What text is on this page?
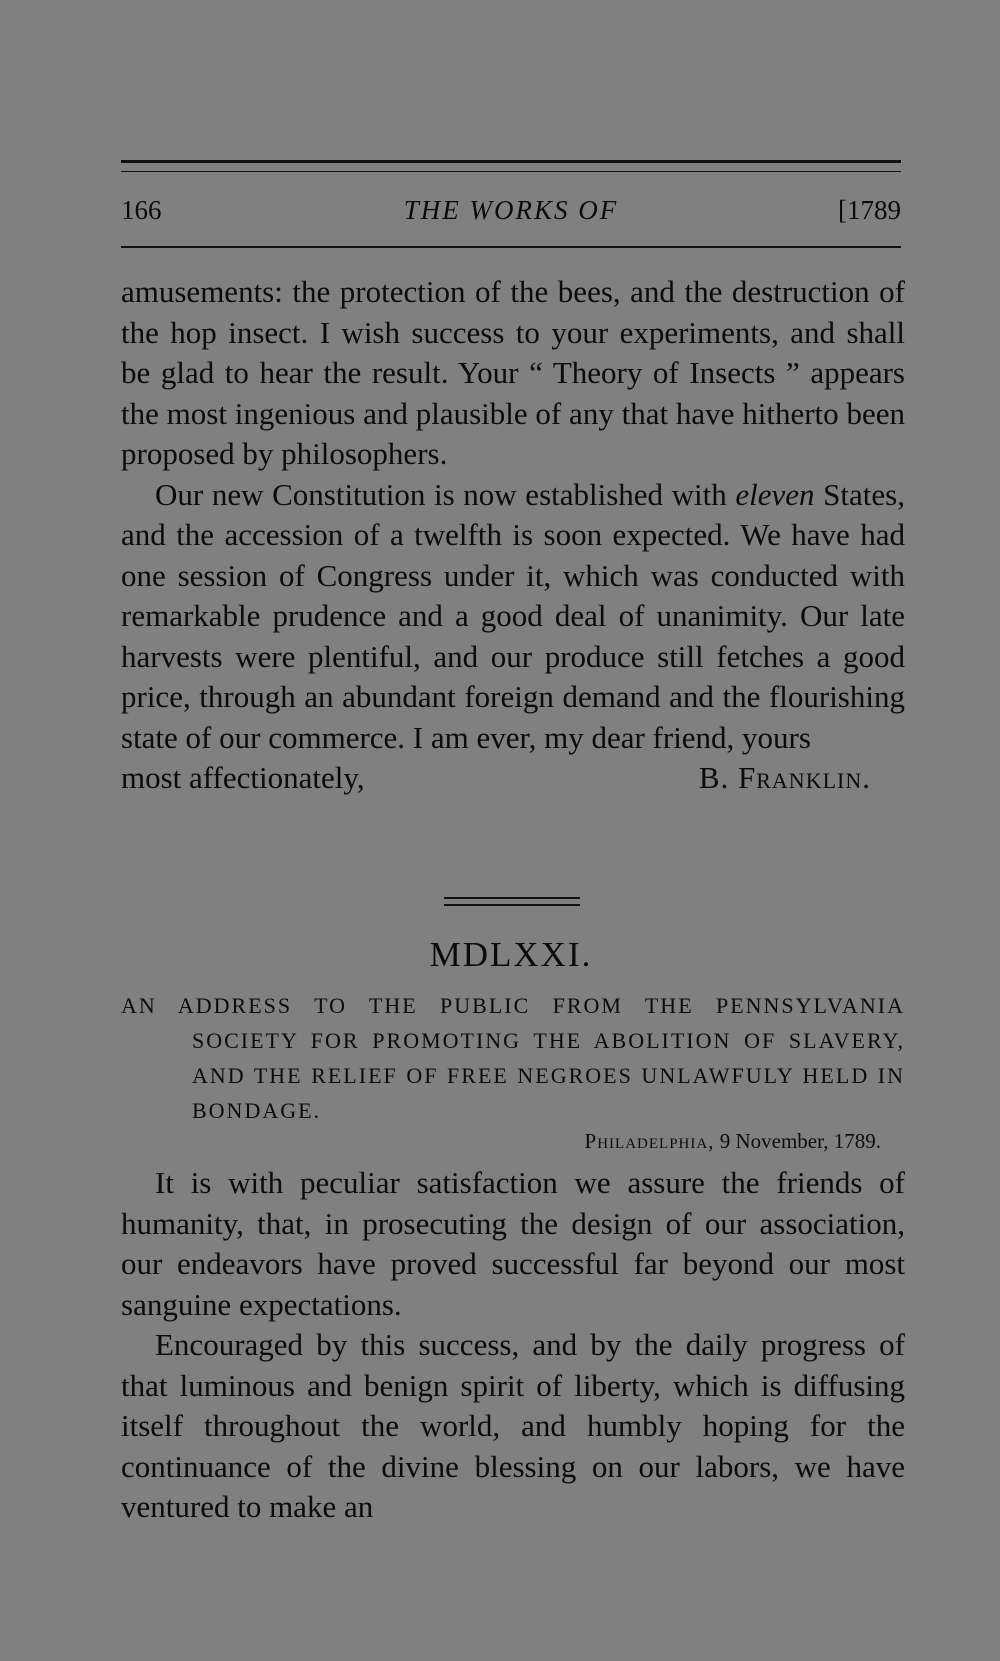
166	THE WORKS OF	[1789

amusements: the protection of the bees, and the destruction of the hop insect. I wish success to your experiments, and shall be glad to hear the result. Your “ Theory of Insects ” appears the most ingenious and plausible of any that have hitherto been proposed by philosophers.

Our new Constitution is now established with eleven States, and the accession of a twelfth is soon expected. We have had one session of Congress under it, which was conducted with remarkable prudence and a good deal of unanimity. Our late harvests were plentiful, and our produce still fetches a good price, through an abundant foreign demand and the flourishing state of our commerce. I am ever, my dear friend, yours

most affectionately,	B. Franklin.
MDLXXI.
AN ADDRESS TO THE PUBLIC FROM THE PENNSYLVANIA SOCIETY FOR PROMOTING THE ABOLITION OF SLAVERY, AND THE RELIEF OF FREE NEGROES UNLAWFULY HELD IN BONDAGE.
Philadelphia, 9 November, 1789.

It is with peculiar satisfaction we assure the friends of humanity, that, in prosecuting the design of our association, our endeavors have proved successful far beyond our most sanguine expectations.

Encouraged by this success, and by the daily progress of that luminous and benign spirit of liberty, which is diffusing itself throughout the world, and humbly hoping for the continuance of the divine blessing on our labors, we have ventured to make an
